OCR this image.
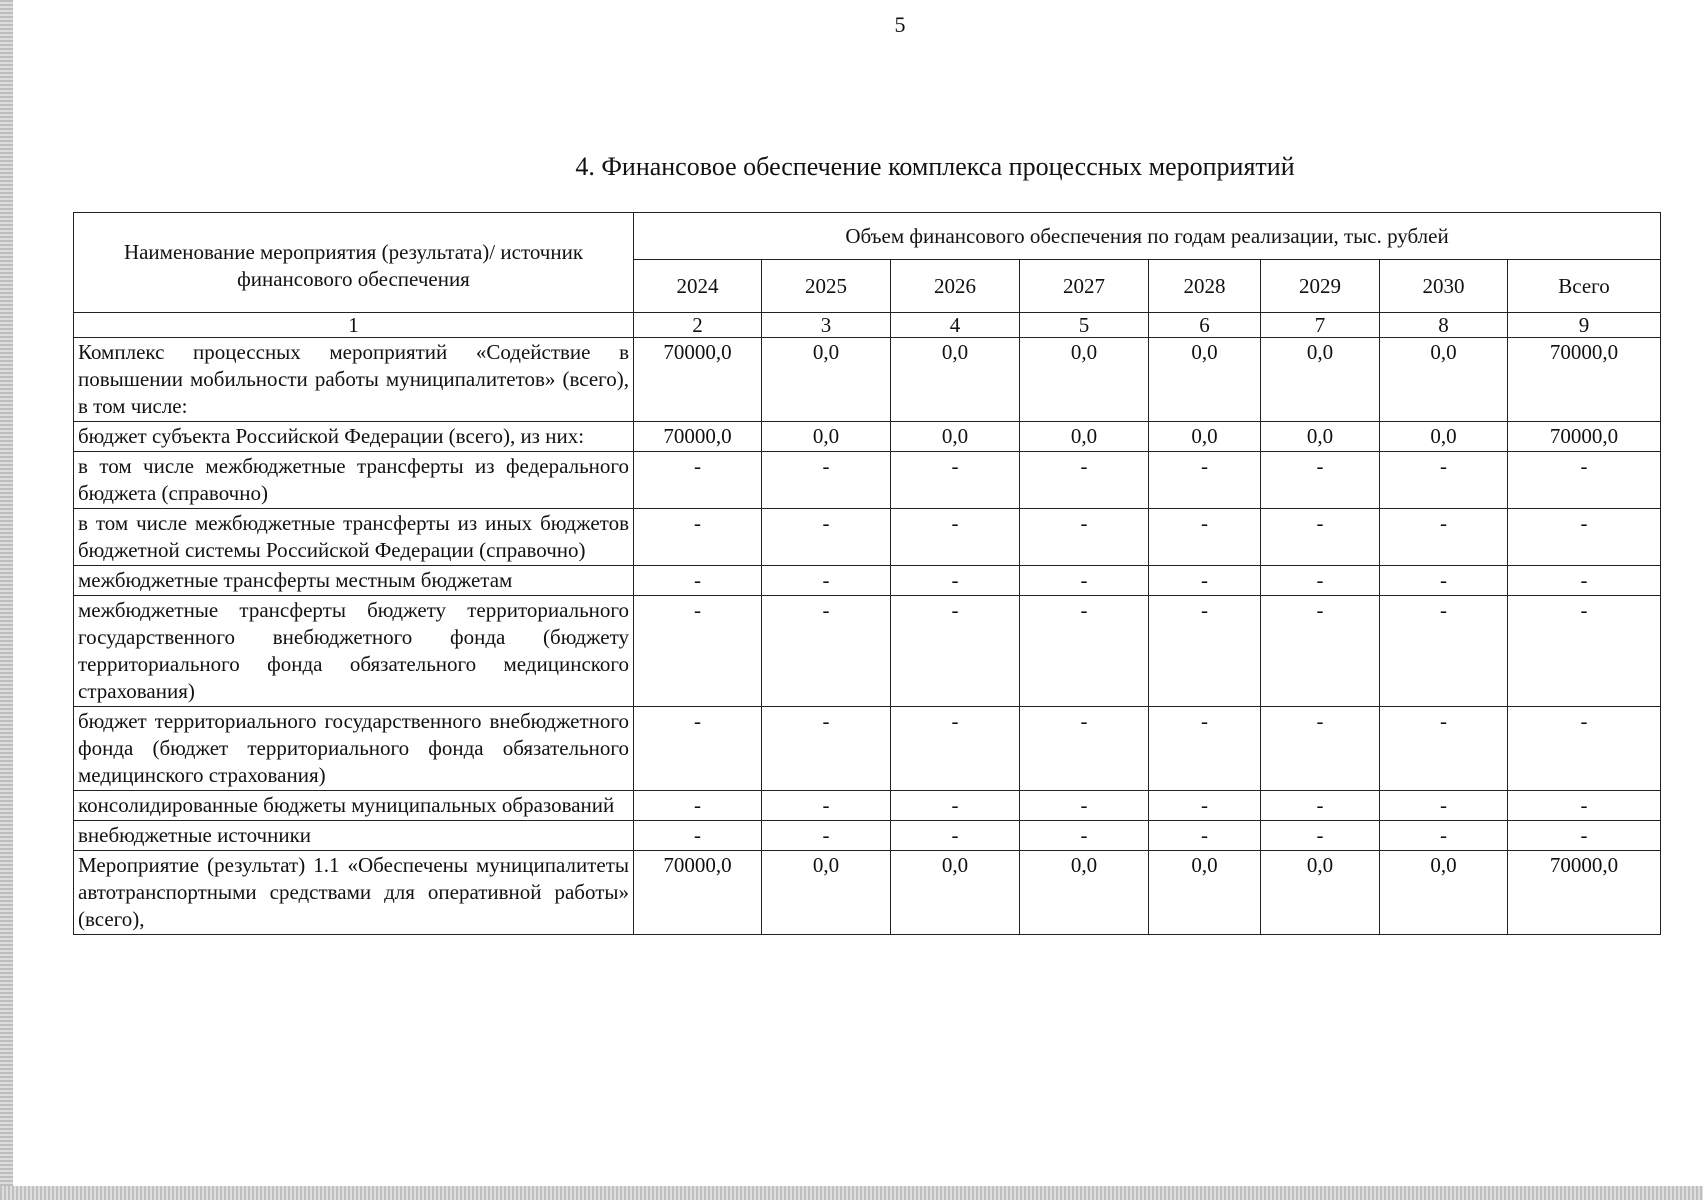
5
4. Финансовое обеспечение комплекса процессных мероприятий
Наименование мероприятия (результата)/ источник финансового обеспечения	Объем финансового обеспечения по годам реализации, тыс. рублей							
	2024	2025	2026	2027	2028	2029	2030	Всего
1	2	3	4	5	6	7	8	9
Комплекс процессных мероприятий «Содействие в повышении мобильности работы муниципалитетов» (всего), в том числе:	70000,0	0,0	0,0	0,0	0,0	0,0	0,0	70000,0
бюджет субъекта Российской Федерации (всего), из них:	70000,0	0,0	0,0	0,0	0,0	0,0	0,0	70000,0
в том числе межбюджетные трансферты из федерального бюджета (справочно)	-	-	-	-	-	-	-	-
в том числе межбюджетные трансферты из иных бюджетов бюджетной системы Российской Федерации (справочно)	-	-	-	-	-	-	-	-
межбюджетные трансферты местным бюджетам	-	-	-	-	-	-	-	-
межбюджетные трансферты бюджету территориального государственного внебюджетного фонда (бюджету территориального фонда обязательного медицинского страхования)	-	-	-	-	-	-	-	-
бюджет территориального государственного внебюджетного фонда (бюджет территориального фонда обязательного медицинского страхования)	-	-	-	-	-	-	-	-
консолидированные бюджеты муниципальных образований	-	-	-	-	-	-	-	-
внебюджетные источники	-	-	-	-	-	-	-	-
Мероприятие (результат) 1.1 «Обеспечены муниципалитеты автотранспортными средствами для оперативной работы» (всего),	70000,0	0,0	0,0	0,0	0,0	0,0	0,0	70000,0
